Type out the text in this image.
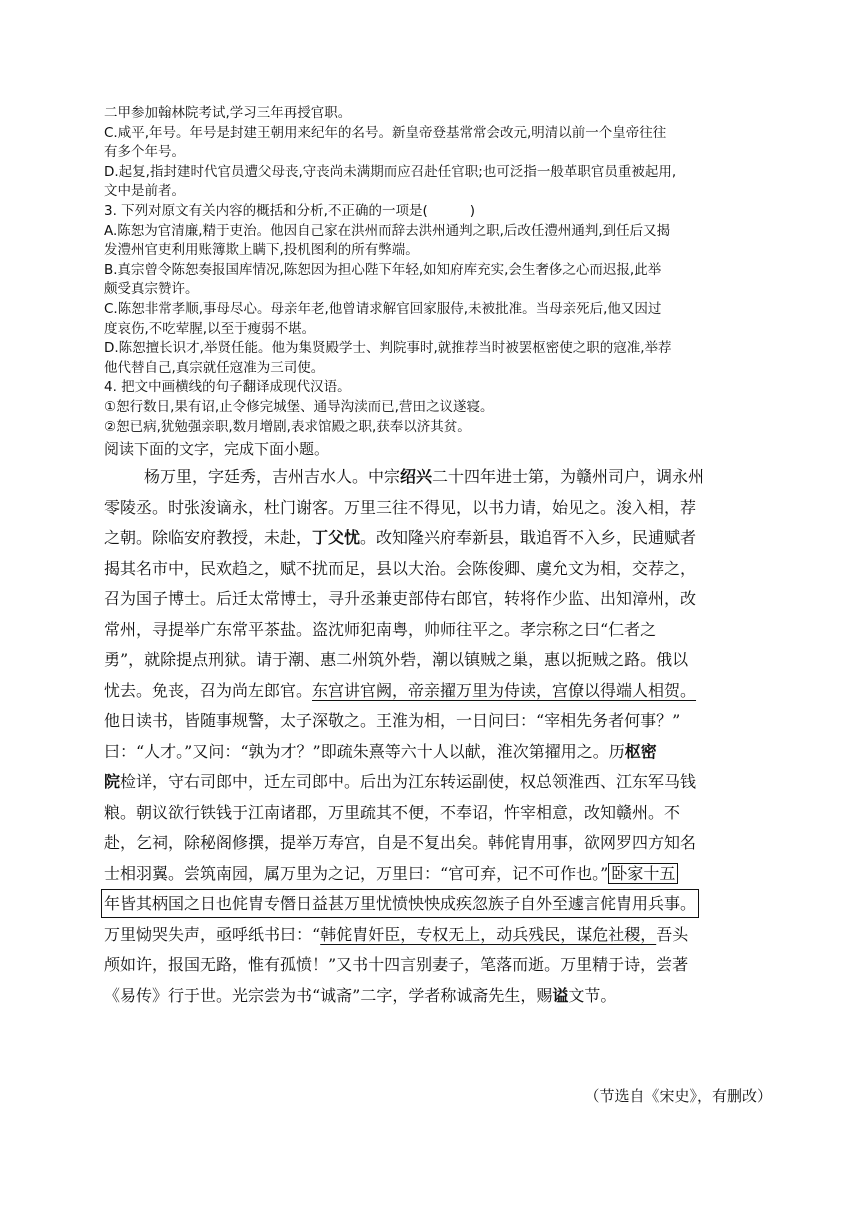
二甲参加翰林院考试,学习三年再授官职。

C.咸平,年号。年号是封建王朝用来纪年的名号。新皇帝登基常常会改元,明清以前一个皇帝往往

有多个年号。

D.起复,指封建时代官员遭父母丧,守丧尚未满期而应召赴任官职;也可泛指一般革职官员重被起用,

文中是前者。

3. 下列对原文有关内容的概括和分析,不正确的一项是(	)

A.陈恕为官清廉,精于吏治。他因自己家在洪州而辞去洪州通判之职,后改任澧州通判,到任后又揭

发澧州官吏利用账簿欺上瞒下,投机图利的所有弊端。

B.真宗曾令陈恕奏报国库情况,陈恕因为担心陛下年轻,如知府库充实,会生奢侈之心而迟报,此举

颇受真宗赞许。

C.陈恕非常孝顺,事母尽心。母亲年老,他曾请求解官回家服侍,未被批准。当母亲死后,他又因过

度哀伤,不吃荤腥,以至于瘦弱不堪。

D.陈恕擅长识才,举贤任能。他为集贤殿学士、判院事时,就推荐当时被罢枢密使之职的寇准,举荐

他代替自己,真宗就任寇准为三司使。

4. 把文中画横线的句子翻译成现代汉语。

①恕行数日,果有诏,止令修完城堡、通导沟渎而已,营田之议遂寝。

②恕已病,犹勉强亲职,数月增剧,表求馆殿之职,获奉以济其贫。

阅读下面的文字，完成下面小题。

杨万里，字廷秀，吉州吉水人。中宗绍兴二十四年进士第，为赣州司户，调永州
零陵丞。时张浚谪永，杜门谢客。万里三往不得见，以书力请，始见之。浚入相，荐
之朝。除临安府教授，未赴，丁父忧。改知隆兴府奉新县，戢追胥不入乡，民逋赋者
揭其名市中，民欢趋之，赋不扰而足，县以大治。会陈俊卿、虞允文为相，交荐之，
召为国子博士。后迁太常博士，寻升丞兼吏部侍右郎官，转将作少监、出知漳州，改
常州，寻提举广东常平茶盐。盗沈师犯南粤，帅师往平之。孝宗称之曰“仁者之
勇”，就除提点刑狱。请于潮、惠二州筑外砦，潮以镇贼之巢，惠以扼贼之路。俄以
忧去。免丧，召为尚左郎官。东宫讲官阙，帝亲擢万里为侍读，宫僚以得端人相贺。
他日读书，皆随事规警，太子深敬之。王淮为相，一日问曰：“宰相先务者何事？”
曰：“人才。”又问：“孰为才？”即疏朱熹等六十人以献，淮次第擢用之。历枢密
院检详，守右司郎中，迁左司郎中。后出为江东转运副使，权总领淮西、江东军马钱
粮。朝议欲行铁钱于江南诸郡，万里疏其不便，不奉诏，忤宰相意，改知赣州。不
赴，乞祠，除秘阁修撰，提举万寿宫，自是不复出矣。韩侂胄用事，欲网罗四方知名
士相羽翼。尝筑南园，属万里为之记，万里曰：“官可弃，记不可作也。” 卧家十五
年皆其柄国之日也侂胄专僭日益甚万里忧愤怏怏成疾忽族子自外至遽言侂胄用兵事。
万里恸哭失声，亟呼纸书曰：“韩侂胄奸臣，专权无上，动兵残民，谋危社稷，吾头
颅如许，报国无路，惟有孤愤！”又书十四言别妻子，笔落而逝。万里精于诗，尝著
《易传》行于世。光宗尝为书“诚斋”二字，学者称诚斋先生，赐谥文节。
（节选自《宋史》，有删改）
